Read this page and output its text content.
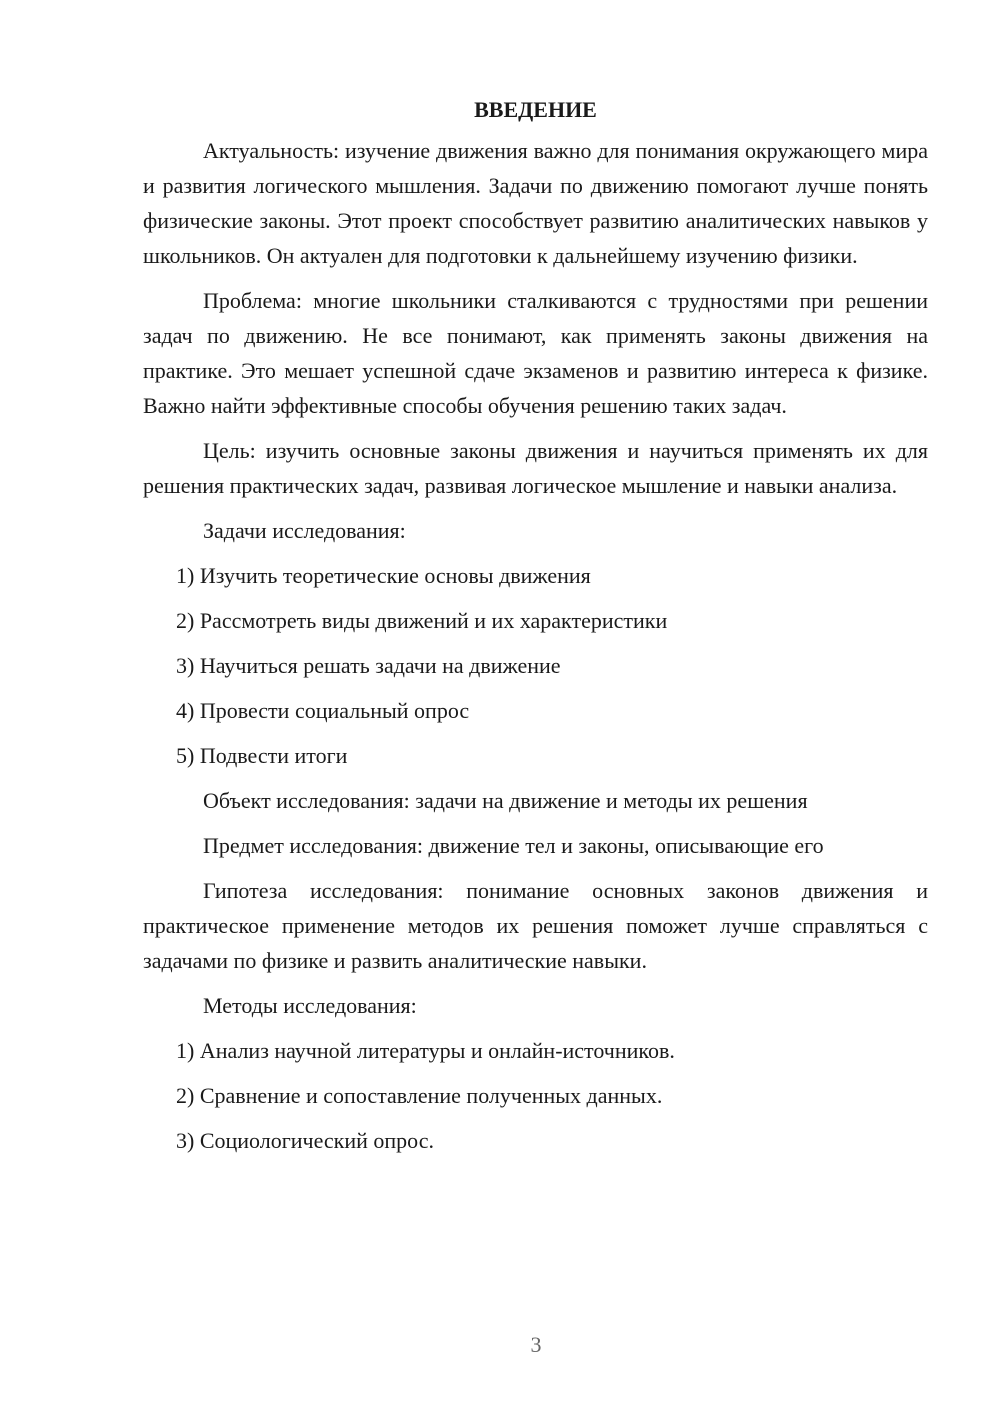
ВВЕДЕНИЕ

Актуальность: изучение движения важно для понимания окружающего мира и развития логического мышления. Задачи по движению помогают лучше понять физические законы. Этот проект способствует развитию аналитических навыков у школьников. Он актуален для подготовки к дальнейшему изучению физики.

Проблема: многие школьники сталкиваются с трудностями при решении задач по движению. Не все понимают, как применять законы движения на практике. Это мешает успешной сдаче экзаменов и развитию интереса к физике. Важно найти эффективные способы обучения решению таких задач.

Цель: изучить основные законы движения и научиться применять их для решения практических задач, развивая логическое мышление и навыки анализа.

Задачи исследования:

1) Изучить теоретические основы движения

2) Рассмотреть виды движений и их характеристики

3) Научиться решать задачи на движение

4) Провести социальный опрос

5) Подвести итоги

Объект исследования: задачи на движение и методы их решения

Предмет исследования: движение тел и законы, описывающие его

Гипотеза исследования: понимание основных законов движения и практическое применение методов их решения поможет лучше справляться с задачами по физике и развить аналитические навыки.

Методы исследования:

1) Анализ научной литературы и онлайн-источников.

2) Сравнение и сопоставление полученных данных.

3) Социологический опрос.

3
